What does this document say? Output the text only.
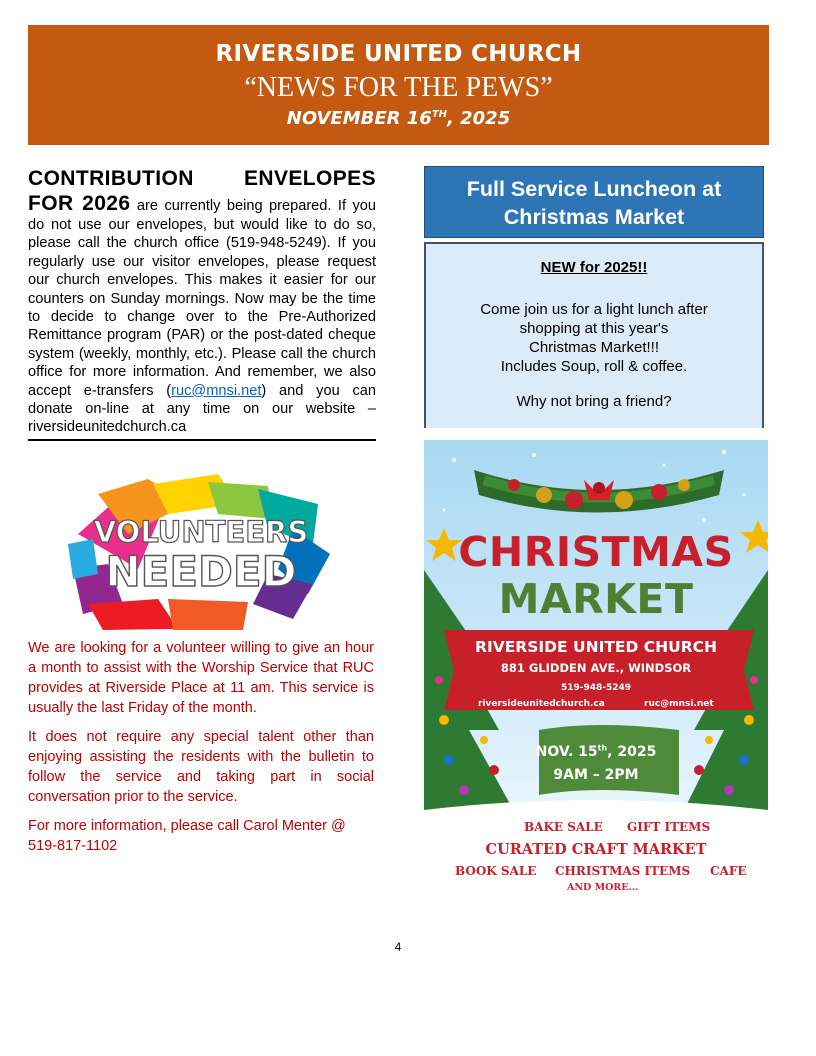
RIVERSIDE UNITED CHURCH
“NEWS FOR THE PEWS”
NOVEMBER 16TH, 2025
CONTRIBUTION ENVELOPES FOR 2026 are currently being prepared. If you do not use our envelopes, but would like to do so, please call the church office (519-948-5249). If you regularly use our visitor envelopes, please request our church envelopes. This makes it easier for our counters on Sunday mornings. Now may be the time to decide to change over to the Pre-Authorized Remittance program (PAR) or the post-dated cheque system (weekly, monthly, etc.). Please call the church office for more information. And remember, we also accept e-transfers (ruc@mnsi.net) and you can donate on-line at any time on our website – riversideunitedchurch.ca
VOLUNTEERS
NEEDED

We are looking for a volunteer willing to give an hour a month to assist with the Worship Service that RUC provides at Riverside Place at 11 am. This service is usually the last Friday of the month.

It does not require any special talent other than enjoying assisting the residents with the bulletin to follow the service and taking part in social conversation prior to the service.

For more information, please call Carol Menter @ 519-817-1102

Full Service Luncheon at
Christmas Market
NEW for 2025!!
Come join us for a light lunch after
shopping at this year's
Christmas Market!!!
Includes Soup, roll & coffee.
Why not bring a friend?
CHRISTMAS
MARKET
RIVERSIDE UNITED CHURCH
881 GLIDDEN AVE., WINDSOR
519-948-5249
riversideunitedchurch.ca	ruc@mnsi.net
NOV. 15th, 2025
9AM – 2PM
BAKE SALE GIFT ITEMS
CURATED CRAFT MARKET
BOOK SALE CHRISTMAS ITEMS CAFE
AND MORE...
4
